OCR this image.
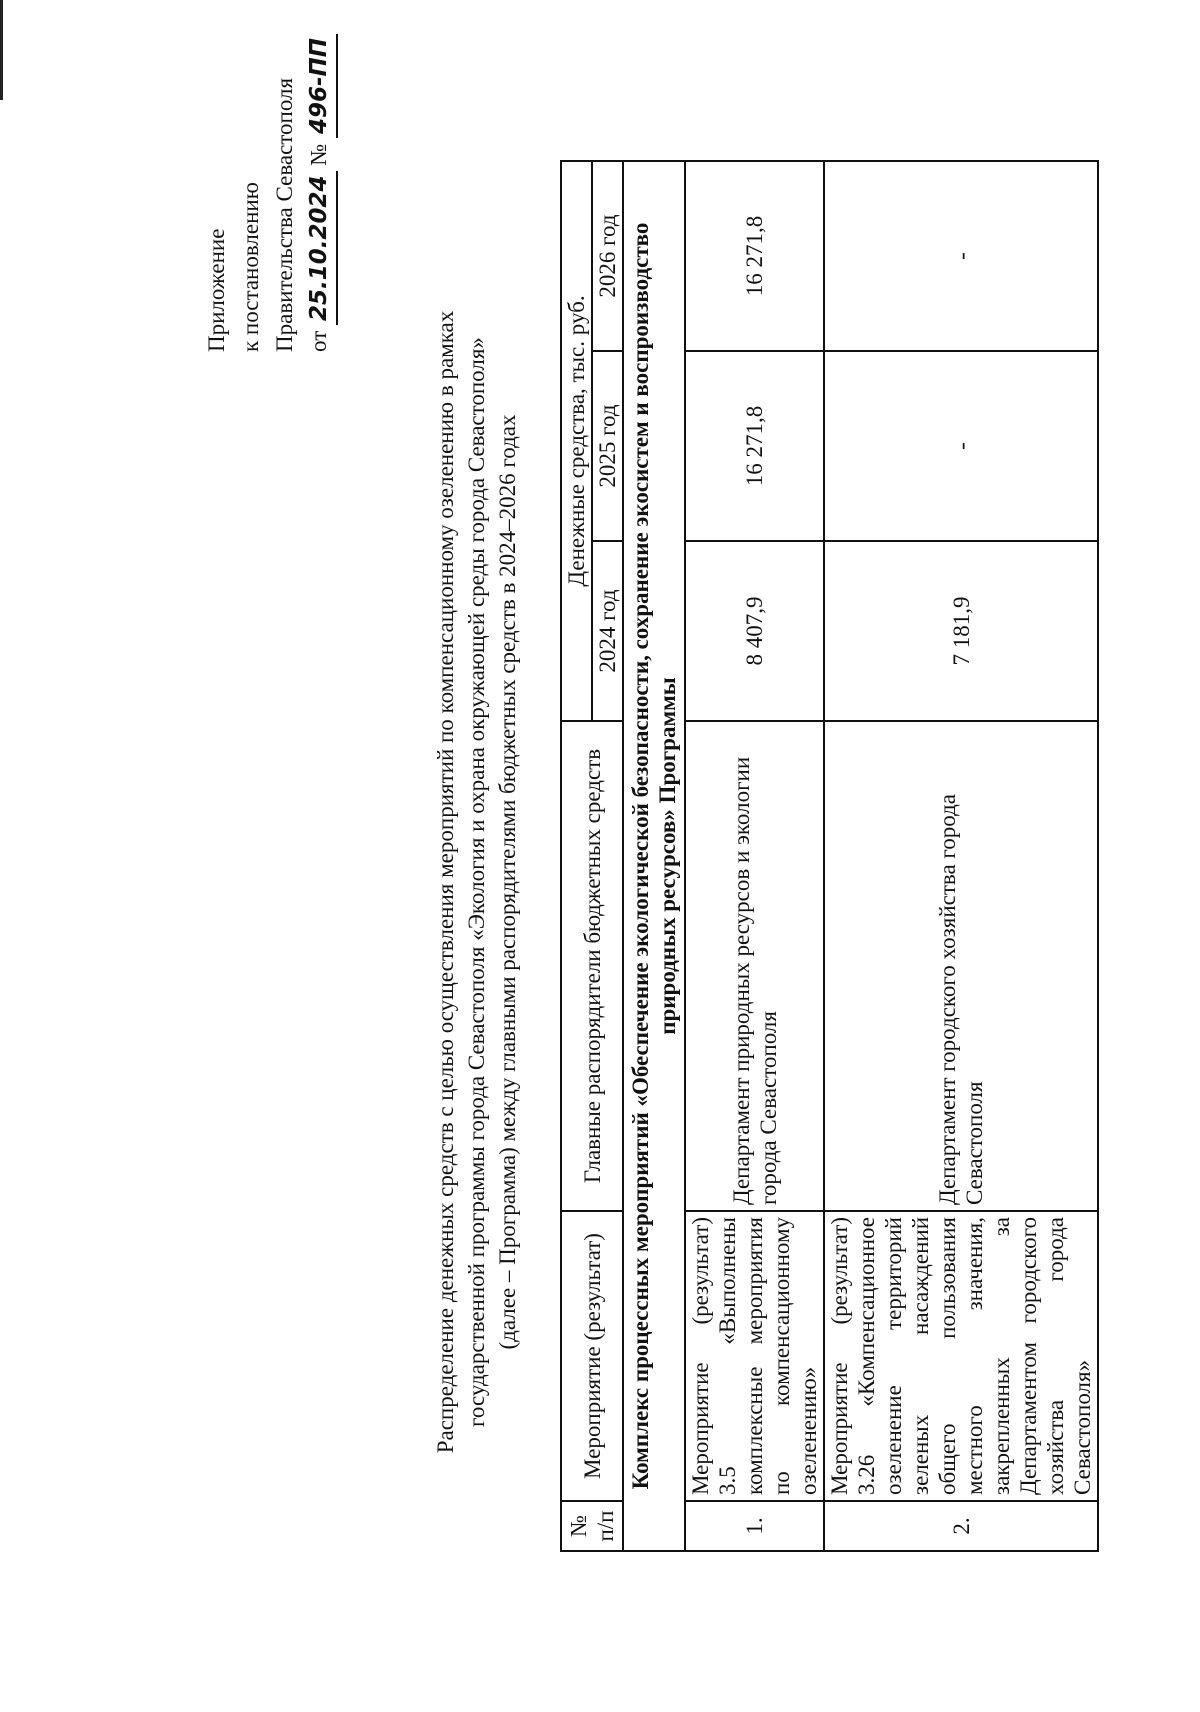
Приложение к постановлению Правительства Севастополя от 25.10.2024 № 496-ПП
Распределение денежных средств с целью осуществления мероприятий по компенсационному озеленению в рамках государственной программы города Севастополя «Экология и охрана окружающей среды города Севастополя» (далее – Программа) между главными распорядителями бюджетных средств в 2024–2026 годах
№ п/п	Мероприятие (результат)	Главные распорядители бюджетных средств	Денежные средства, тыс. руб.		
			2024 год	2025 год	2026 год
Комплекс процессных мероприятий «Обеспечение экологической безопасности, сохранение экосистем и воспроизводство природных ресурсов» Программы					
1.	Мероприятие (результат) 3.5 «Выполнены комплексные мероприятия по компенсационному озеленению»	Департамент природных ресурсов и экологии города Севастополя	8 407,9	16 271,8	16 271,8
2.	Мероприятие (результат) 3.26 «Компенсационное озеленение территорий зеленых насаждений общего пользования местного значения, закрепленных за Департаментом городского хозяйства города Севастополя»	Департамент городского хозяйства города Севастополя	7 181,9	-	-
